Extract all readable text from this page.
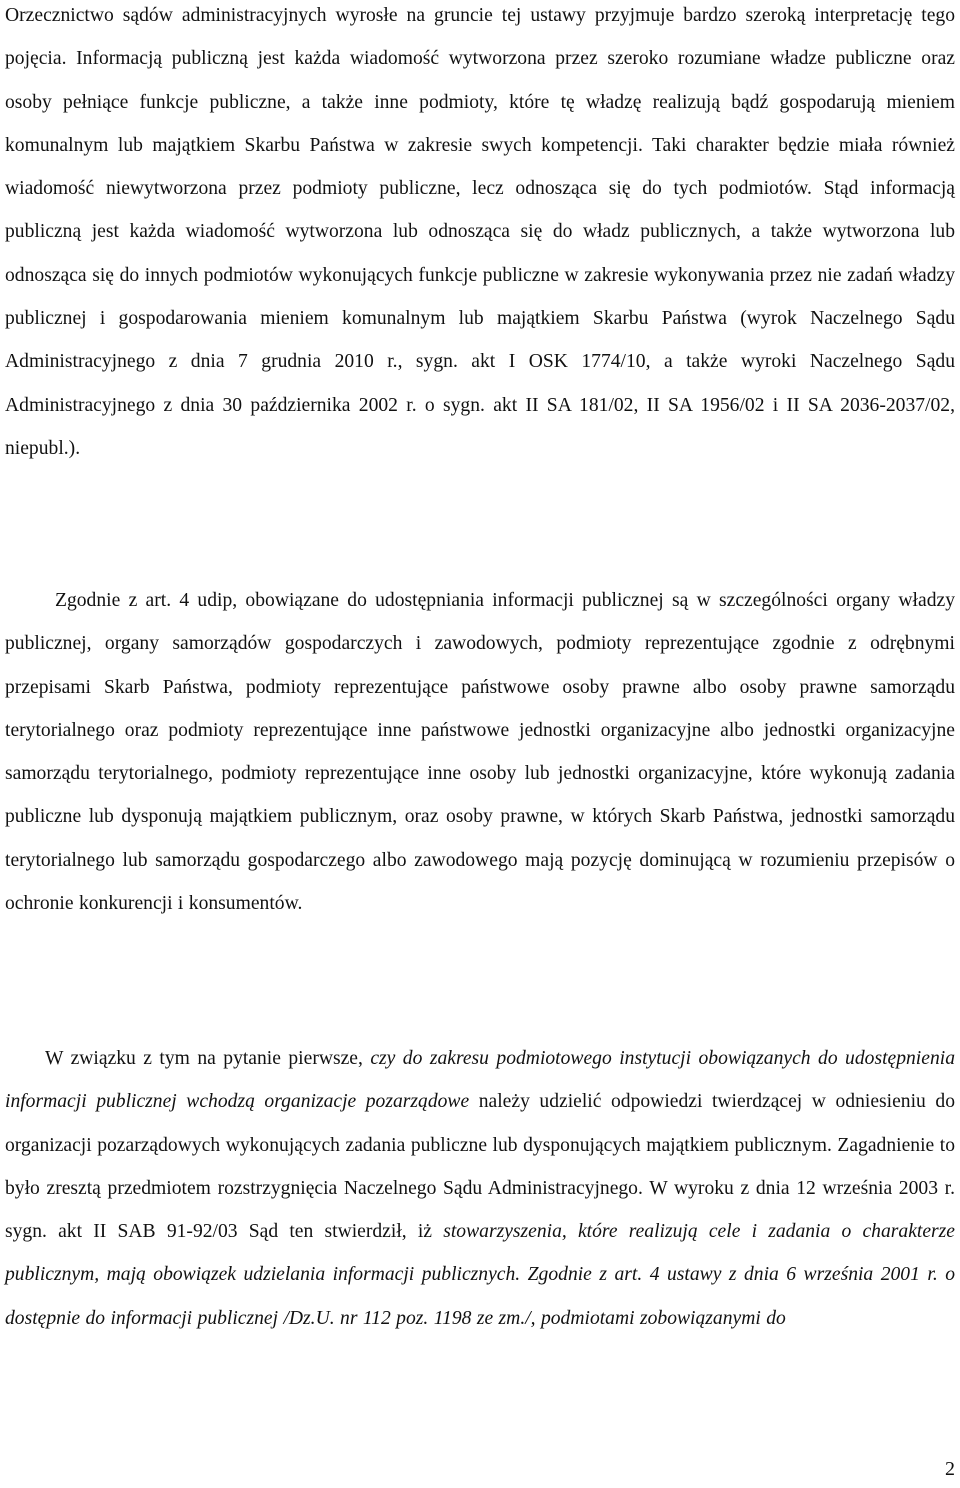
Orzecznictwo sądów administracyjnych wyrosłe na gruncie tej ustawy przyjmuje bardzo szeroką interpretację tego pojęcia. Informacją publiczną jest każda wiadomość wytworzona przez szeroko rozumiane władze publiczne oraz osoby pełniące funkcje publiczne, a także inne podmioty, które tę władzę realizują bądź gospodarują mieniem komunalnym lub majątkiem Skarbu Państwa w zakresie swych kompetencji. Taki charakter będzie miała również wiadomość niewytworzona przez podmioty publiczne, lecz odnosząca się do tych podmiotów. Stąd informacją publiczną jest każda wiadomość wytworzona lub odnosząca się do władz publicznych, a także wytworzona lub odnosząca się do innych podmiotów wykonujących funkcje publiczne w zakresie wykonywania przez nie zadań władzy publicznej i gospodarowania mieniem komunalnym lub majątkiem Skarbu Państwa (wyrok Naczelnego Sądu Administracyjnego z dnia 7 grudnia 2010 r., sygn. akt I OSK 1774/10, a także wyroki Naczelnego Sądu Administracyjnego z dnia 30 października 2002 r. o sygn. akt II SA 181/02, II SA 1956/02 i II SA 2036-2037/02, niepubl.).

Zgodnie z art. 4 udip, obowiązane do udostępniania informacji publicznej są w szczególności organy władzy publicznej, organy samorządów gospodarczych i zawodowych, podmioty reprezentujące zgodnie z odrębnymi przepisami Skarb Państwa, podmioty reprezentujące państwowe osoby prawne albo osoby prawne samorządu terytorialnego oraz podmioty reprezentujące inne państwowe jednostki organizacyjne albo jednostki organizacyjne samorządu terytorialnego, podmioty reprezentujące inne osoby lub jednostki organizacyjne, które wykonują zadania publiczne lub dysponują majątkiem publicznym, oraz osoby prawne, w których Skarb Państwa, jednostki samorządu terytorialnego lub samorządu gospodarczego albo zawodowego mają pozycję dominującą w rozumieniu przepisów o ochronie konkurencji i konsumentów.

W związku z tym na pytanie pierwsze, czy do zakresu podmiotowego instytucji obowiązanych do udostępnienia informacji publicznej wchodzą organizacje pozarządowe należy udzielić odpowiedzi twierdzącej w odniesieniu do organizacji pozarządowych wykonujących zadania publiczne lub dysponujących majątkiem publicznym. Zagadnienie to było zresztą przedmiotem rozstrzygnięcia Naczelnego Sądu Administracyjnego. W wyroku z dnia 12 września 2003 r. sygn. akt II SAB 91-92/03 Sąd ten stwierdził, iż stowarzyszenia, które realizują cele i zadania o charakterze publicznym, mają obowiązek udzielania informacji publicznych. Zgodnie z art. 4 ustawy z dnia 6 września 2001 r. o dostępnie do informacji publicznej /Dz.U. nr 112 poz. 1198 ze zm./, podmiotami zobowiązanymi do

2
